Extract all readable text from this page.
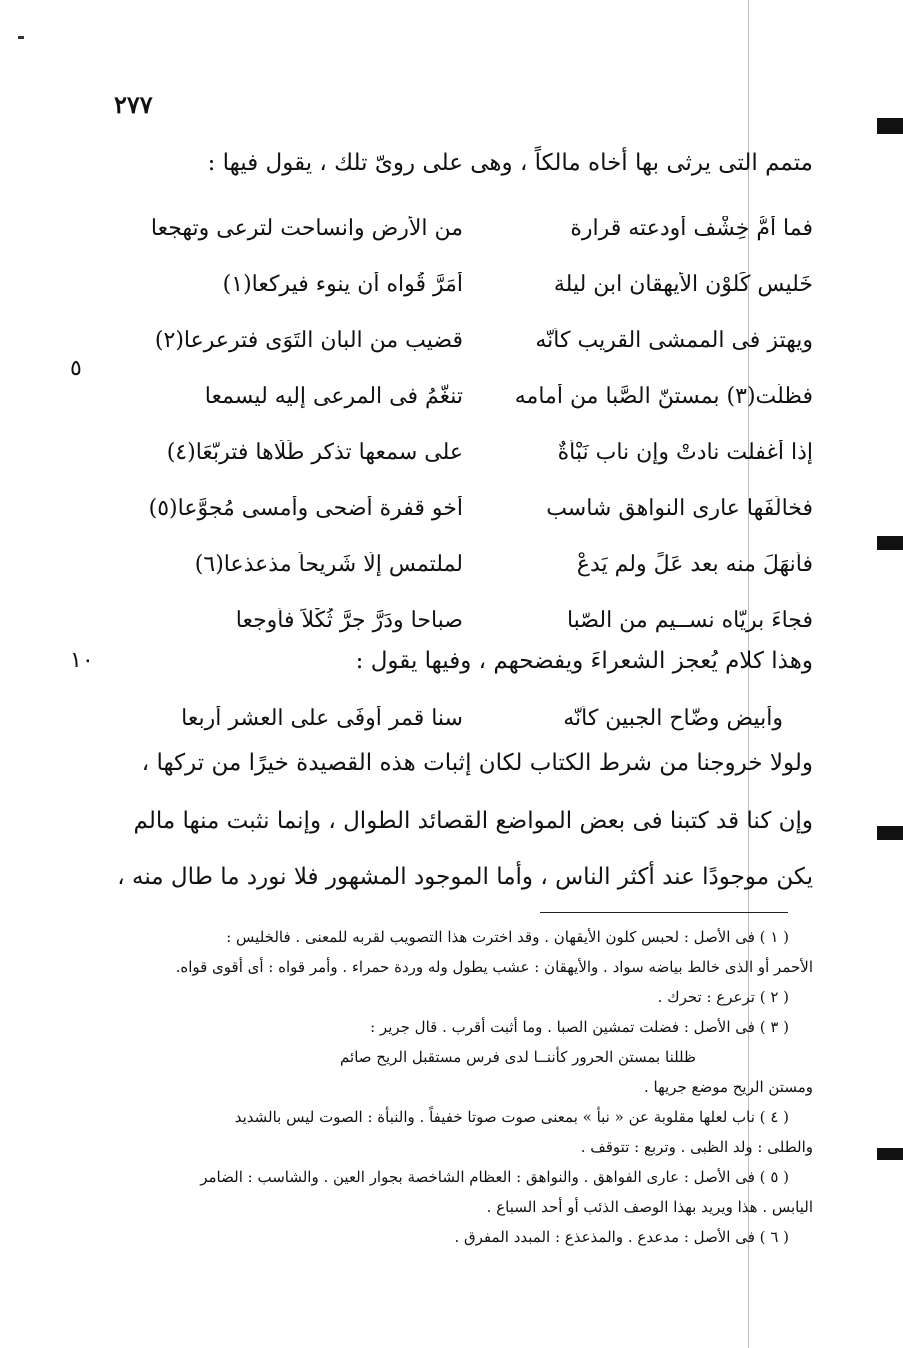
٢٧٧
متمم التى يرثى بها أخاه مالكاً ، وهى على روىّ تلك ، يقول فيها :
فما أمُّ خِشْف أودعته قرارة
من الأرض وانساحت لترعى وتهجعا
خَليس كَلوْن الأَيهقان ابن ليلة
أَمَرَّ قُواه أن ينوء فيركعا(١)
ويهتز فى الممشى القريب كأنّه
قضيب من البان التَوَى فترعرعا(٢)
فظلّت(٣) بمستنّ الصَّبا من أمامه
تنغّمُ فى المرعى إليه ليسمعا
إذا أُغفلت نادتْ وإن ناب نَبْأةٌ
على سمعها تذكر طَلَاها فتربّعَا(٤)
فخالَفَها عارى النواهق شاسب
أخو قفرة أضحى وأمسى مُجوَّعا(٥)
فأنهَلَ منه بعد عَلٍّ ولم يَدعْ
لملتمس إلّا شَرِيحاً مذعذعا(٦)
فجاءَ بريّاه نســيم من الصّبا
صباحا ودَرَّ جرَّ ثُكْلاً فأوجعا
٥
وهذا كلام يُعجز الشعراءَ ويفضحهم ، وفيها يقول :
١٠
وأبيض وضّاح الجبين كأنّه
سنا قمرٍ أوفَى على العشر أربعا
ولولا خروجنا من شرط الكتاب لكان إثبات هذه القصيدة خيرًا من تركها ،
وإن كنا قد كتبنا فى بعض المواضع القصائد الطوال ، وإنما نثبت منها مالم
يكن موجودًا عند أكثر الناس ، وأما الموجود المشهور فلا نورد ما طال منه ،
( ١ ) فى الأصل : لحبس كلون الأيقهان . وقد اخترت هذا التصويب لقربه للمعنى . فالخليس :
الأحمر أو الذى خالط بياضه سواد . والأيهقان : عشب يطول وله وردة حمراء . وأمر قواه : أى أقوى قواه.
( ٢ ) ترعرع : تحرك .
( ٣ ) فى الأصل : فضلت تمشين الصبا . وما أثبت أقرب . قال جرير :
ظللنا بمستن الحرور كأننــا لدى فرس مستقبل الريح صائم
ومستن الريح موضع جريها .
( ٤ ) ناب لعلها مقلوبة عن « نبأ » بمعنى صوت صوتا خفيفاً . والنبأة : الصوت ليس بالشديد
والطلى : ولد الظبى . وتربع : تتوقف .
( ٥ ) فى الأصل : عارى الفواهق . والنواهق : العظام الشاخصة بجوار العين . والشاسب : الضامر
اليابس . هذا ويريد بهذا الوصف الذئب أو أحد السباع .
( ٦ ) فى الأصل : مدعدع . والمذعذع : المبدد المفرق .
